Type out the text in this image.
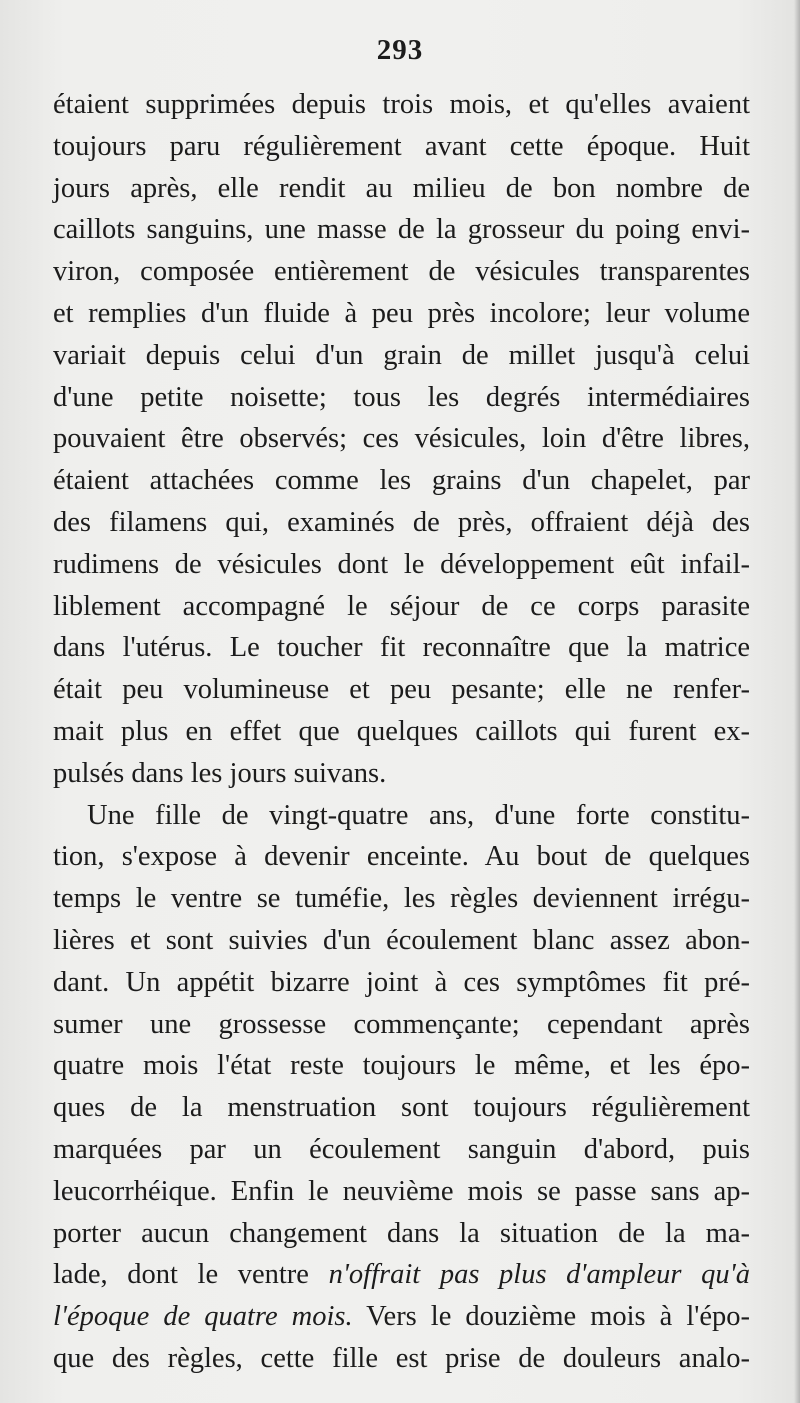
293
étaient supprimées depuis trois mois, et qu'elles avaient
toujours paru régulièrement avant cette époque. Huit
jours après, elle rendit au milieu de bon nombre de
caillots sanguins, une masse de la grosseur du poing envi-
viron, composée entièrement de vésicules transparentes
et remplies d'un fluide à peu près incolore; leur volume
variait depuis celui d'un grain de millet jusqu'à celui
d'une petite noisette; tous les degrés intermédiaires
pouvaient être observés; ces vésicules, loin d'être libres,
étaient attachées comme les grains d'un chapelet, par
des filamens qui, examinés de près, offraient déjà des
rudimens de vésicules dont le développement eût infail-
liblement accompagné le séjour de ce corps parasite
dans l'utérus. Le toucher fit reconnaître que la matrice
était peu volumineuse et peu pesante; elle ne renfer-
mait plus en effet que quelques caillots qui furent ex-
pulsés dans les jours suivans.
Une fille de vingt-quatre ans, d'une forte constitu-
tion, s'expose à devenir enceinte. Au bout de quelques
temps le ventre se tuméfie, les règles deviennent irrégu-
lières et sont suivies d'un écoulement blanc assez abon-
dant. Un appétit bizarre joint à ces symptômes fit pré-
sumer une grossesse commençante; cependant après
quatre mois l'état reste toujours le même, et les épo-
ques de la menstruation sont toujours régulièrement
marquées par un écoulement sanguin d'abord, puis
leucorrhéique. Enfin le neuvième mois se passe sans ap-
porter aucun changement dans la situation de la ma-
lade, dont le ventre n'offrait pas plus d'ampleur qu'à
l'époque de quatre mois. Vers le douzième mois à l'épo-
que des règles, cette fille est prise de douleurs analo-
